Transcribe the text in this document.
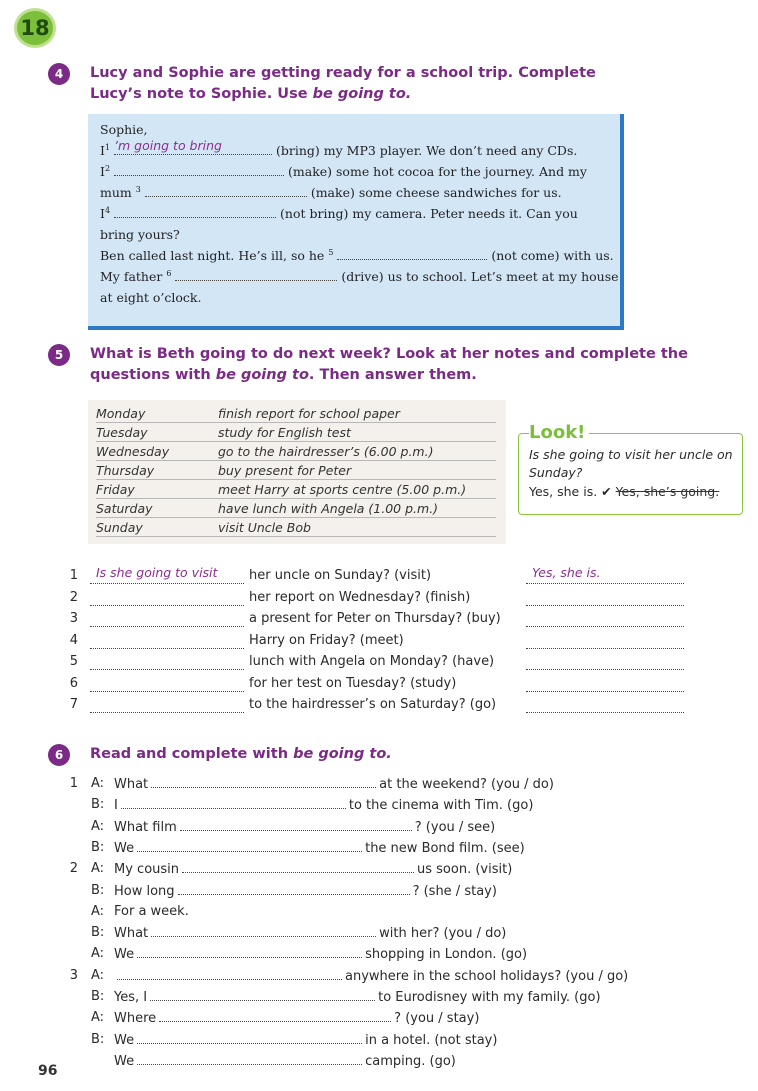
18
4	Lucy and Sophie are getting ready for a school trip. Complete
Lucy’s note to Sophie. Use be going to.
Sophie,
$I^1$ ’m going to bring	(bring) my MP3 player. We don’t need any CDs.
$I^2$	(make) some hot cocoa for the journey. And my
mum $^3$	(make) some cheese sandwiches for us.
$I^4$	(not bring) my camera. Peter needs it. Can you
bring yours?
Ben called last night. He’s ill, so he $^5$	(not come) with us.
My father $^6$	(drive) us to school. Let’s meet at my house
at eight o’clock.
5	What is Beth going to do next week? Look at her notes and complete the
questions with be going to. Then answer them.
Monday	finish report for school paper
Tuesday	study for English test
Wednesday	go to the hairdresser’s (6.00 p.m.)
Thursday	buy present for Peter
Friday	meet Harry at sports centre (5.00 p.m.)
Saturday	have lunch with Angela (1.00 p.m.)
Sunday	visit Uncle Bob
Look!
Is she going to visit her uncle on Sunday?
Yes, she is. ✔ Yes, she’s going.
1 Is she going to visit her uncle on Sunday? (visit)	Yes, she is.
2	her report on Wednesday? (finish)
3	a present for Peter on Thursday? (buy)
4	Harry on Friday? (meet)
5	lunch with Angela on Monday? (have)
6	for her test on Tuesday? (study)
7	to the hairdresser’s on Saturday? (go)
6	Read and complete with be going to.
1 A: What	at the weekend? (you / do)
B: I	to the cinema with Tim. (go)
A: What film	? (you / see)
B: We	the new Bond film. (see)
2 A: My cousin	us soon. (visit)
B: How long	? (she / stay)
A: For a week.
B: What	with her? (you / do)
A: We	shopping in London. (go)
3 A:	anywhere in the school holidays? (you / go)
B: Yes, I	to Eurodisney with my family. (go)
A: Where	? (you / stay)
B: We	in a hotel. (not stay)
We	camping. (go)
96
